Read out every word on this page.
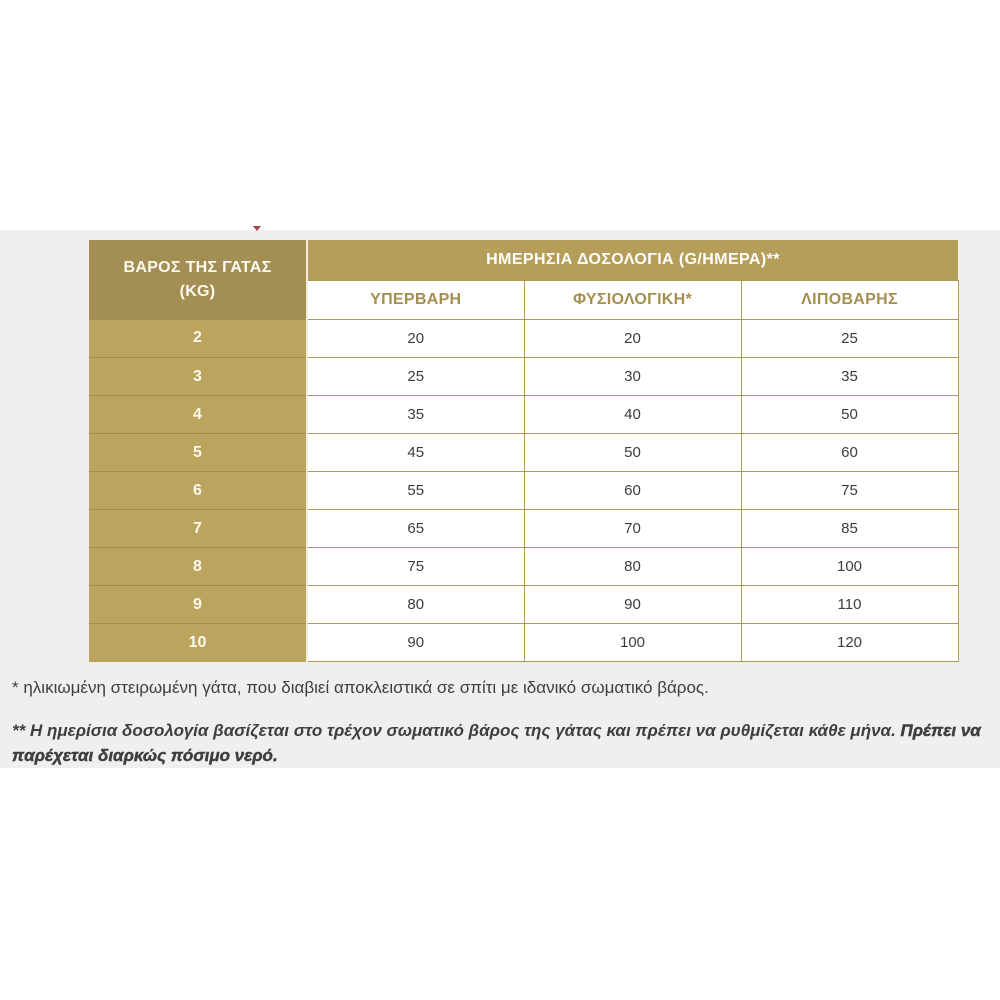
ΒΑΡΟΣ ΤΗΣ ΓΑΤΑΣ
(KG)	ΗΜΕΡΗΣΙΑ ΔΟΣΟΛΟΓΙΑ (G/ΗΜΕΡΑ)**		
	ΥΠΕΡΒΑΡΗ	ΦΥΣΙΟΛΟΓΙΚΗ*	ΛΙΠΟΒΑΡΗΣ
2	20	20	25
3	25	30	35
4	35	40	50
5	45	50	60
6	55	60	75
7	65	70	85
8	75	80	100
9	80	90	110
10	90	100	120

* ηλικιωμένη στειρωμένη γάτα, που διαβιεί αποκλειστικά σε σπίτι με ιδανικό σωματικό βάρος.

** Η ημερίσια δοσολογία βασίζεται στο τρέχον σωματικό βάρος της γάτας και πρέπει να ρυθμίζεται κάθε μήνα. Πρέπει να παρέχεται διαρκώς πόσιμο νερό.
